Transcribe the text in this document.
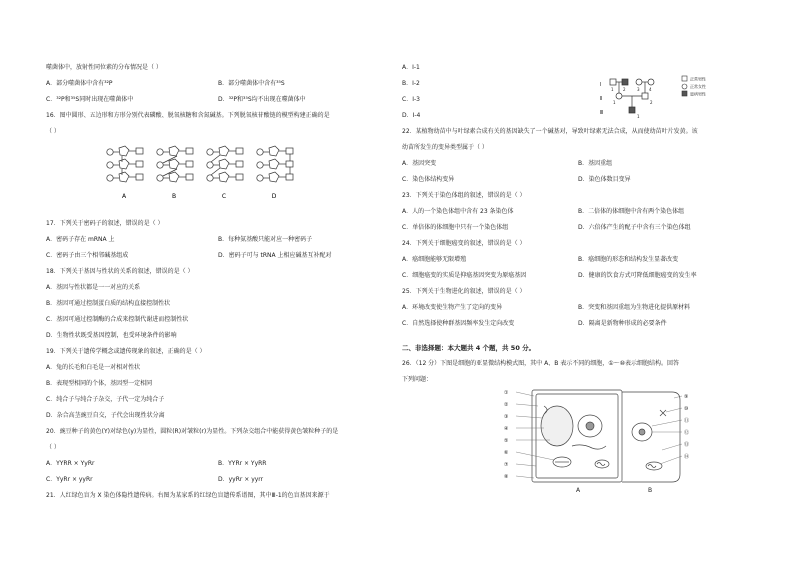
噬菌体中，放射性同位素的分布情况是（ ）
A．部分噬菌体中含有³²P	B．部分噬菌体中含有³⁵S
C．³²P和³⁵S同时出现在噬菌体中	D．³²P和³⁵S均不出现在噬菌体中
16．图中圆形、五边形和方形分别代表磷酸、脱氧核糖和含氮碱基。下列脱氧核苷酸链的模型构建正确的是
（ ）
A	B	C	D
17．下列关于密码子的叙述，错误的是（ ）
A．密码子存在 mRNA 上	B．每种氨基酸只能对应一种密码子
C．密码子由三个相邻碱基组成	D．密码子可与 tRNA 上相应碱基互补配对
18．下列关于基因与性状的关系的叙述，错误的是（ ）
A．基因与性状都是一一对应的关系
B．基因可通过控制蛋白质的结构直接控制性状
C．基因可通过控制酶的合成来控制代谢进而控制性状
D．生物性状既受基因控制，也受环境条件的影响
19．下列关于遗传学概念或遗传现象的叙述，正确的是（ ）
A．兔的长毛和白毛是一对相对性状
B．表现型相同的个体，基因型一定相同
C．纯合子与纯合子杂交，子代一定为纯合子
D．杂合高茎豌豆自交，子代会出现性状分离
20．豌豆种子的黄色(Y)对绿色(y)为显性，圆粒(R)对皱粒(r)为显性。下列杂交组合中能获得黄色皱粒种子的是
（ ）
A．YYRR × YyRr	B．YYRr × YyRR
C．YyRr × yyRr	D．yyRr × yyrr
21．人红绿色盲为 X 染色体隐性遗传病。右图为某家系的红绿色盲遗传系谱图，其中Ⅲ-1的色盲基因来源于
A．Ⅰ-1
B．Ⅰ-2
C．Ⅰ-3
D．Ⅰ-4
Ⅰ
Ⅱ
Ⅲ
1 2	3 4
1	2
1
正常男性
正常女性
患病男性
22．某植物幼苗中与叶绿素合成有关的基因缺失了一个碱基对，导致叶绿素无法合成，从而使幼苗叶片发黄。该
幼苗所发生的变异类型属于（ ）
A．基因突变	B．基因重组
C．染色体结构变异	D．染色体数目变异
23．下列关于染色体组的叙述，错误的是（ ）
A．人的一个染色体组中含有 23 条染色体	B．二倍体的体细胞中含有两个染色体组
C．单倍体的体细胞中只有一个染色体组	D．六倍体产生的配子中含有三个染色体组
24．下列关于细胞癌变的叙述，错误的是（ ）
A．癌细胞能够无限增殖	B．癌细胞的形态和结构发生显著改变
C．细胞癌变的实质是抑癌基因突变为原癌基因	D．健康的饮食方式可降低细胞癌变的发生率
25．下列关于生物进化的叙述，错误的是（ ）
A．环境改变使生物产生了定向的变异	B．突变和基因重组为生物进化提供原材料
C．自然选择使种群基因频率发生定向改变	D．隔离是新物种形成的必要条件
二、非选择题：本大题共 4 个题，共 50 分。
26．（12 分）下图是细胞的亚显微结构模式图，其中 A、B 表示不同的细胞，①～⑩表示细胞结构。回答
下列问题：
①
②
③
④
⑤
⑥
⑦
⑧
⑨
⑩
⑪
⑫
⑬
⑭
A	B
